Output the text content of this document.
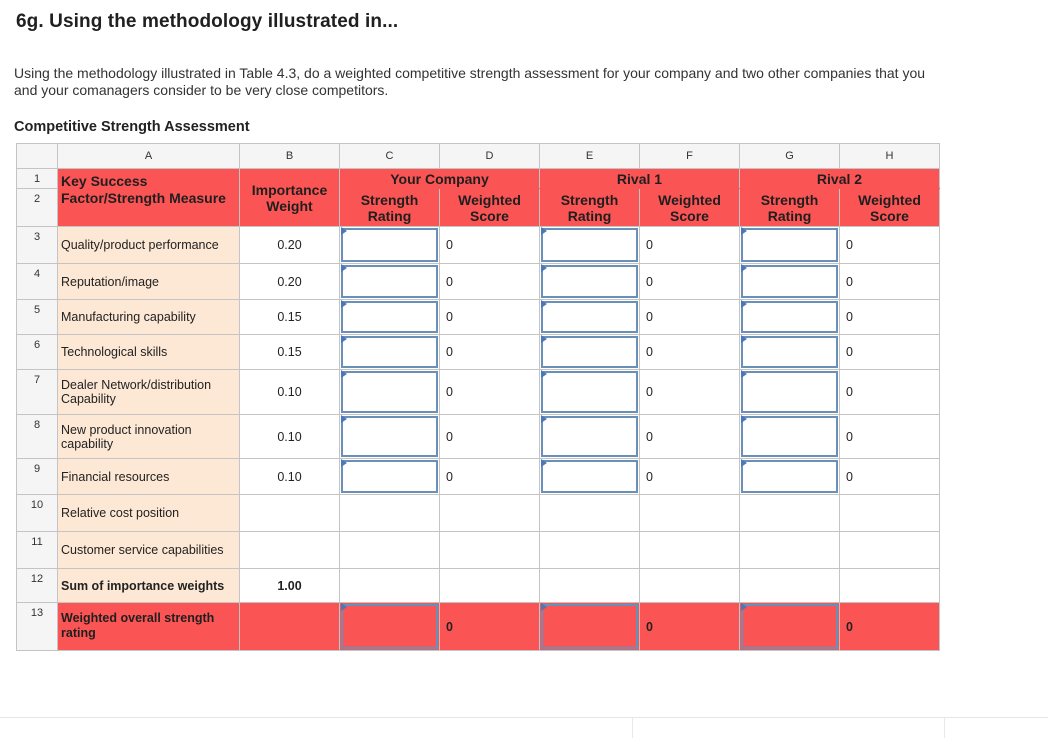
6g. Using the methodology illustrated in...
Using the methodology illustrated in Table 4.3, do a weighted competitive strength assessment for your company and two other companies that you and your comanagers consider to be very close competitors.
Competitive Strength Assessment
	A	B	C	D	E	F	G	H
1	Key Success Factor/Strength Measure	Importance Weight	Your Company		Rival 1		Rival 2	
2			Strength Rating	Weighted Score	Strength Rating	Weighted Score	Strength Rating	Weighted Score
3	Quality/product performance	0.20		0		0		0
4	Reputation/image	0.20		0		0		0
5	Manufacturing capability	0.15		0		0		0
6	Technological skills	0.15		0		0		0
7	Dealer Network/distribution Capability	0.10		0		0		0
8	New product innovation capability	0.10		0		0		0
9	Financial resources	0.10		0		0		0
10	Relative cost position							
11	Customer service capabilities							
12	Sum of importance weights	1.00						
13	Weighted overall strength rating			0		0		0
